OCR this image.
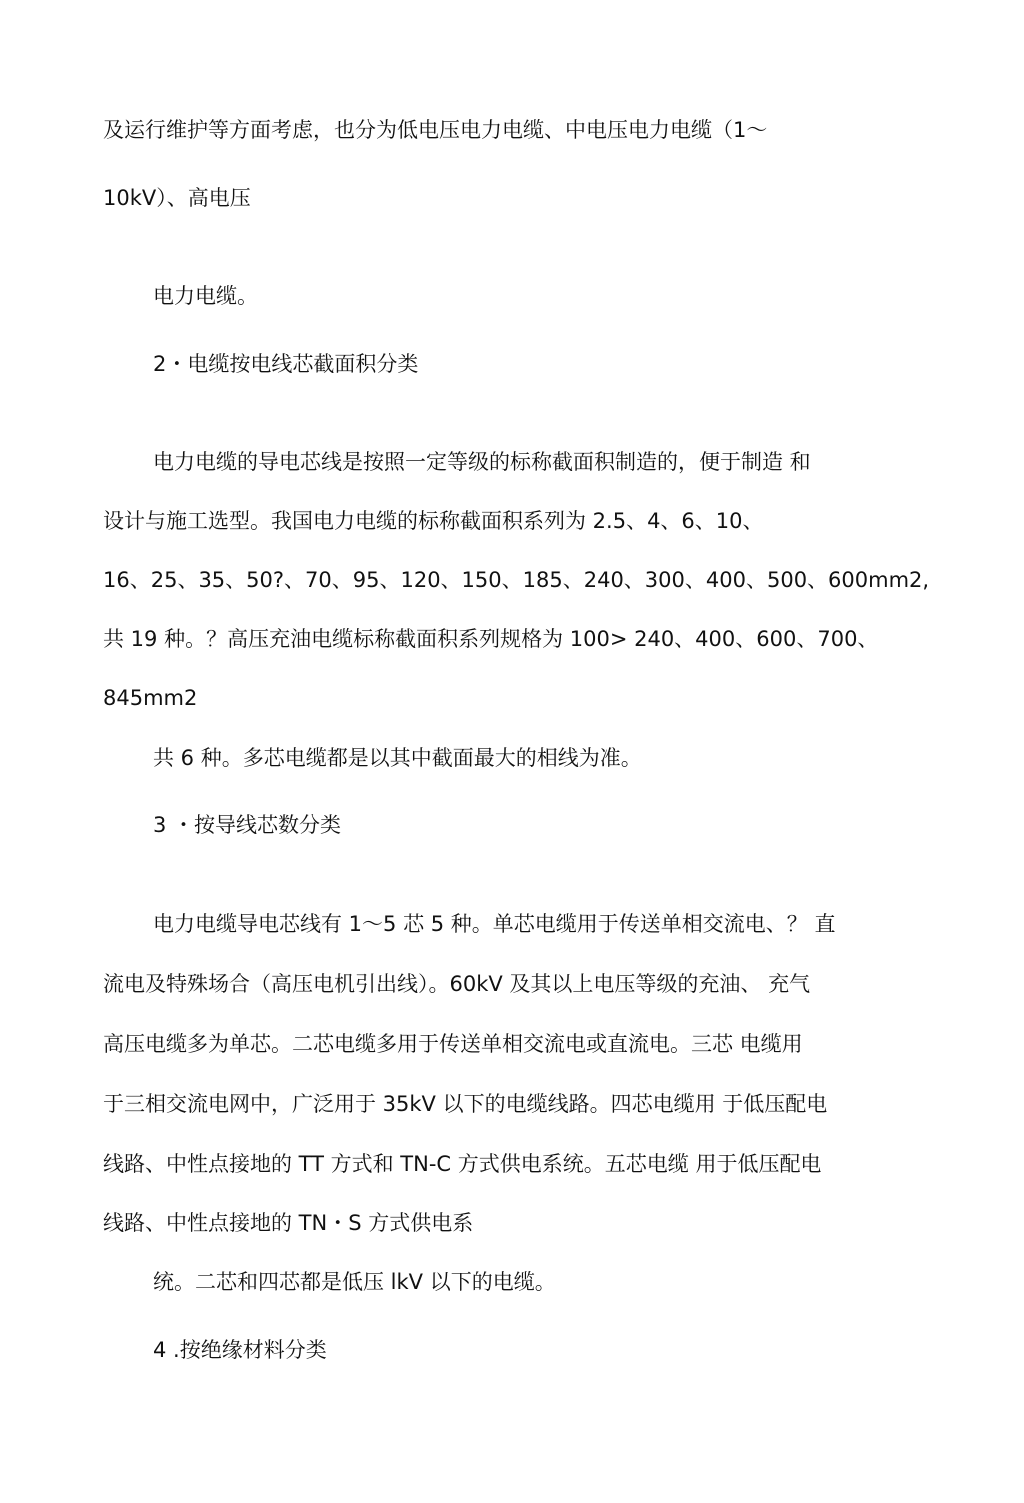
及运行维护等方面考虑，也分为低电压电力电缆、中电压电力电缆（1〜
10kV）、高电压
电力电缆。
2・电缆按电线芯截面积分类
电力电缆的导电芯线是按照一定等级的标称截面积制造的，便于制造 和
设计与施工选型。我国电力电缆的标称截面积系列为 2.5、4、6、10、
16、25、35、50?、70、95、120、150、185、240、300、400、500、600mm2,
共 19 种。？高压充油电缆标称截面积系列规格为 100> 240、400、600、700、
845mm2
共 6 种。多芯电缆都是以其中截面最大的相线为准。
3 ・按导线芯数分类
电力电缆导电芯线有 1〜5 芯 5 种。单芯电缆用于传送单相交流电、？ 直
流电及特殊场合（高压电机引出线）。60kV 及其以上电压等级的充油、 充气
高压电缆多为单芯。二芯电缆多用于传送单相交流电或直流电。三芯 电缆用
于三相交流电网中，广泛用于 35kV 以下的电缆线路。四芯电缆用 于低压配电
线路、中性点接地的 TT 方式和 TN-C 方式供电系统。五芯电缆 用于低压配电
线路、中性点接地的 TN・S 方式供电系
统。二芯和四芯都是低压 lkV 以下的电缆。
4 .按绝缘材料分类
